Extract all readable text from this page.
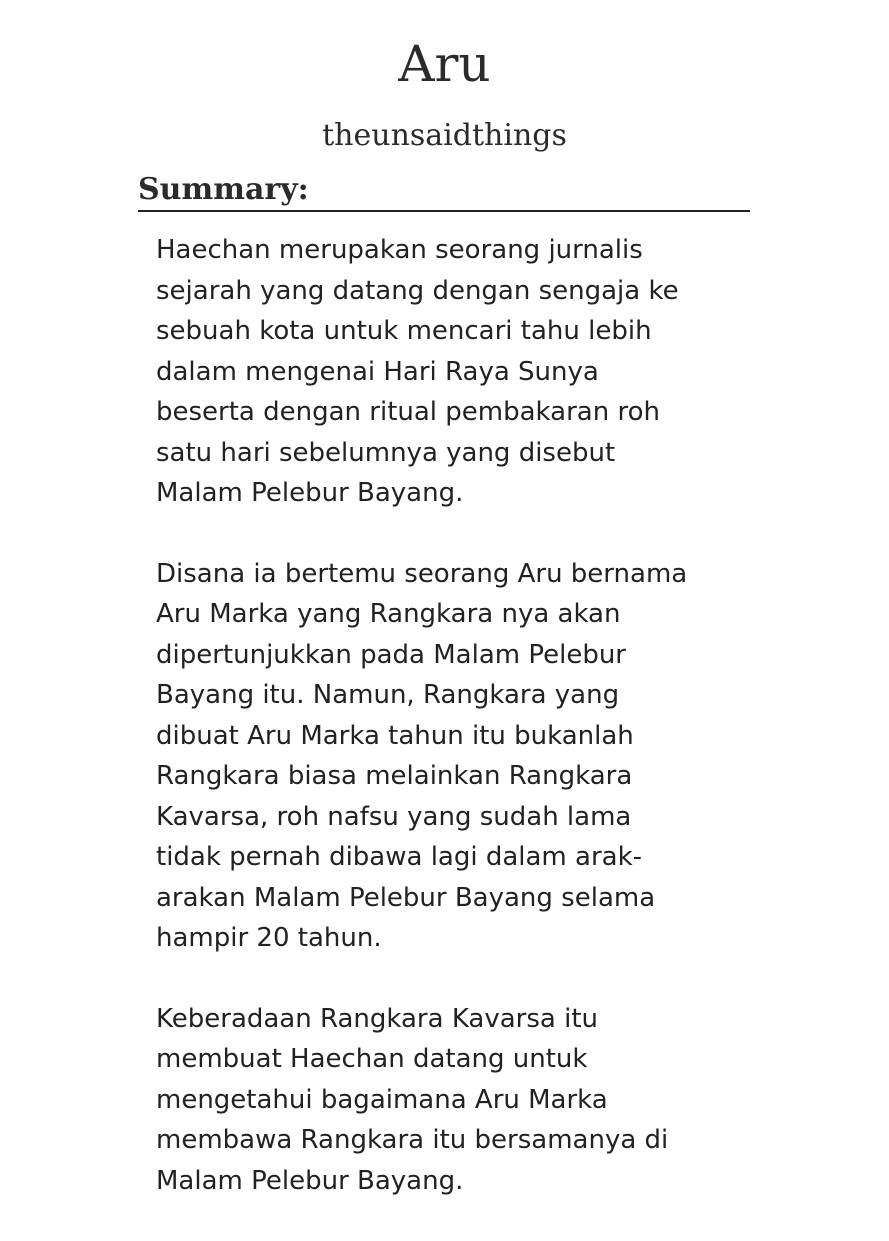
Aru
theunsaidthings
Summary:

Haechan merupakan seorang jurnalis
sejarah yang datang dengan sengaja ke
sebuah kota untuk mencari tahu lebih
dalam mengenai Hari Raya Sunya
beserta dengan ritual pembakaran roh
satu hari sebelumnya yang disebut
Malam Pelebur Bayang.

Disana ia bertemu seorang Aru bernama
Aru Marka yang Rangkara nya akan
dipertunjukkan pada Malam Pelebur
Bayang itu. Namun, Rangkara yang
dibuat Aru Marka tahun itu bukanlah
Rangkara biasa melainkan Rangkara
Kavarsa, roh nafsu yang sudah lama
tidak pernah dibawa lagi dalam arak-
arakan Malam Pelebur Bayang selama
hampir 20 tahun.

Keberadaan Rangkara Kavarsa itu
membuat Haechan datang untuk
mengetahui bagaimana Aru Marka
membawa Rangkara itu bersamanya di
Malam Pelebur Bayang.
